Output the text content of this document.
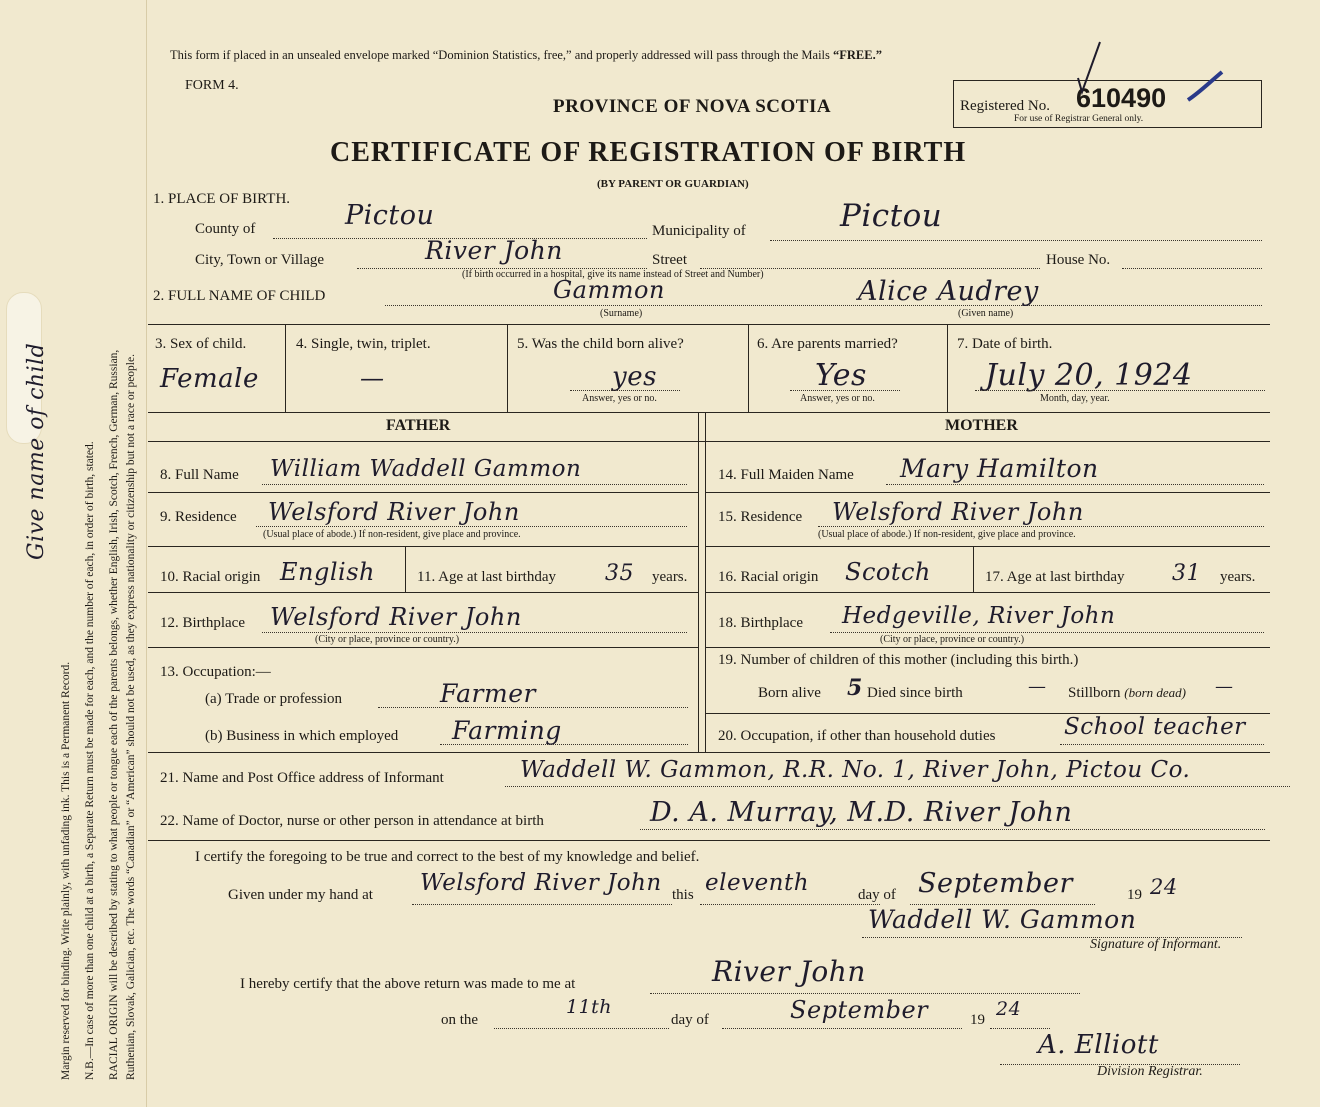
Margin reserved for binding. Write plainly, with unfading ink. This is a Permanent Record. N.B.—In case of more than one child at a birth, a Separate Return must be made for each, and the number of each, in order of birth, stated. RACIAL ORIGIN will be described by stating to what people or tongue each of the parents belongs, whether English, Irish, Scotch, French, German, Russian, Ruthenian, Slovak, Galician, etc. The words “Canadian” or “American” should not be used, as they express nationality or citizenship but not a race or people.
Give name of child
This form if placed in an unsealed envelope marked “Dominion Statistics, free,” and properly addressed will pass through the Mails “FREE.”
FORM 4.
PROVINCE OF NOVA SCOTIA
CERTIFICATE OF REGISTRATION OF BIRTH
(BY PARENT OR GUARDIAN)
Registered No. 610490
For use of Registrar General only.
1. PLACE OF BIRTH.
County of	Pictou	Municipality of	Pictou
City, Town or Village	River John	Street	House No.
(If birth occurred in a hospital, give its name instead of Street and Number)
2. FULL NAME OF CHILD	Gammon
(Surname)
Alice Audrey
(Given name)
3. Sex of child.
Female
4. Single, twin, triplet.
—
5. Was the child born alive?
yes
Answer, yes or no.
6. Are parents married?
Yes
Answer, yes or no.
7. Date of birth.
July 20, 1924
Month, day, year.
FATHER	MOTHER
8. Full Name William Waddell Gammon
9. Residence Welsford River John
(Usual place of abode.) If non-resident, give place and province.
10. Racial origin English	11. Age at last birthday 35 years.
12. Birthplace Welsford River John
(City or place, province or country.)
13. Occupation:—
(a) Trade or profession	Farmer
(b) Business in which employed Farming
14. Full Maiden Name Mary Hamilton
15. Residence Welsford River John
(Usual place of abode.) If non-resident, give place and province.
16. Racial origin Scotch	17. Age at last birthday 31 years.
18. Birthplace Hedgeville, River John
(City or place, province or country.)
19. Number of children of this mother (including this birth.)
Born alive 5 Died since birth	— Stillborn (born dead) —
20. Occupation, if other than household duties	School teacher
21. Name and Post Office address of Informant	Waddell W. Gammon, R.R. No. 1, River John, Pictou Co.
22. Name of Doctor, nurse or other person in attendance at birth	D. A. Murray, M.D. River John
I certify the foregoing to be true and correct to the best of my knowledge and belief.
Given under my hand at Welsford River John this eleventh	day of September	19 24
Waddell W. Gammon
Signature of Informant.
I hereby certify that the above return was made to me at	River John
on the
11th
day of	September	19 24
A. Elliott
Division Registrar.
